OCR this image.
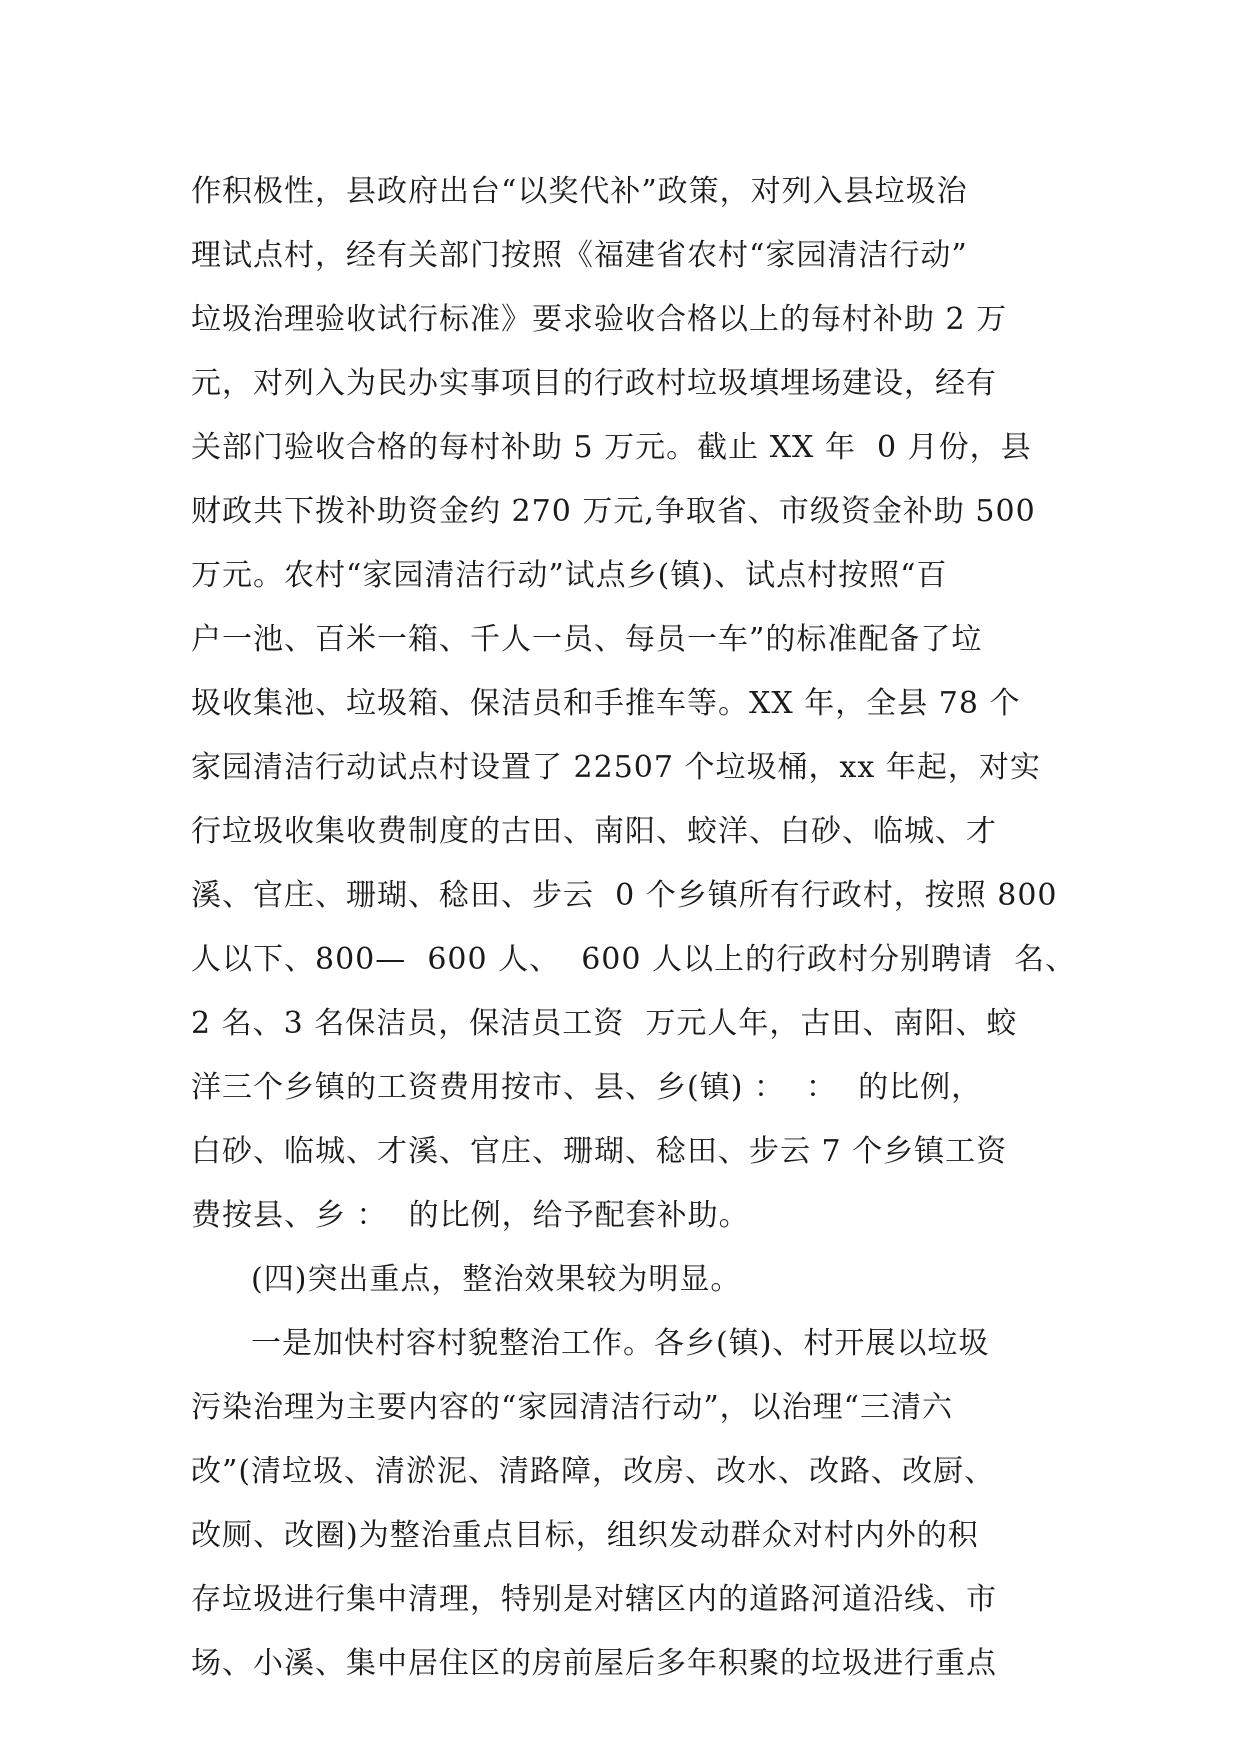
作积极性，县政府出台“以奖代补”政策，对列入县垃圾治
理试点村，经有关部门按照《福建省农村“家园清洁行动”
垃圾治理验收试行标准》要求验收合格以上的每村补助 2 万
元，对列入为民办实事项目的行政村垃圾填埋场建设，经有
关部门验收合格的每村补助 5 万元。截止 XX 年  0 月份，县
财政共下拨补助资金约 270 万元,争取省、市级资金补助 500
万元。农村“家园清洁行动”试点乡(镇)、试点村按照“百
户一池、百米一箱、千人一员、每员一车”的标准配备了垃
圾收集池、垃圾箱、保洁员和手推车等。XX 年，全县 78 个
家园清洁行动试点村设置了 22507 个垃圾桶，xx 年起，对实
行垃圾收集收费制度的古田、南阳、蛟洋、白砂、临城、才
溪、官庄、珊瑚、稔田、步云  0 个乡镇所有行政村，按照 800
人以下、800—  600 人、  600 人以上的行政村分别聘请  名、
2 名、3 名保洁员，保洁员工资  万元人年，古田、南阳、蛟
洋三个乡镇的工资费用按市、县、乡(镇) ：  ：  的比例，
白砂、临城、才溪、官庄、珊瑚、稔田、步云 7 个乡镇工资
费按县、乡 ：  的比例，给予配套补助。
(四)突出重点，整治效果较为明显。
一是加快村容村貌整治工作。各乡(镇)、村开展以垃圾
污染治理为主要内容的“家园清洁行动”，以治理“三清六
改”(清垃圾、清淤泥、清路障，改房、改水、改路、改厨、
改厕、改圈)为整治重点目标，组织发动群众对村内外的积
存垃圾进行集中清理，特别是对辖区内的道路河道沿线、市
场、小溪、集中居住区的房前屋后多年积聚的垃圾进行重点
